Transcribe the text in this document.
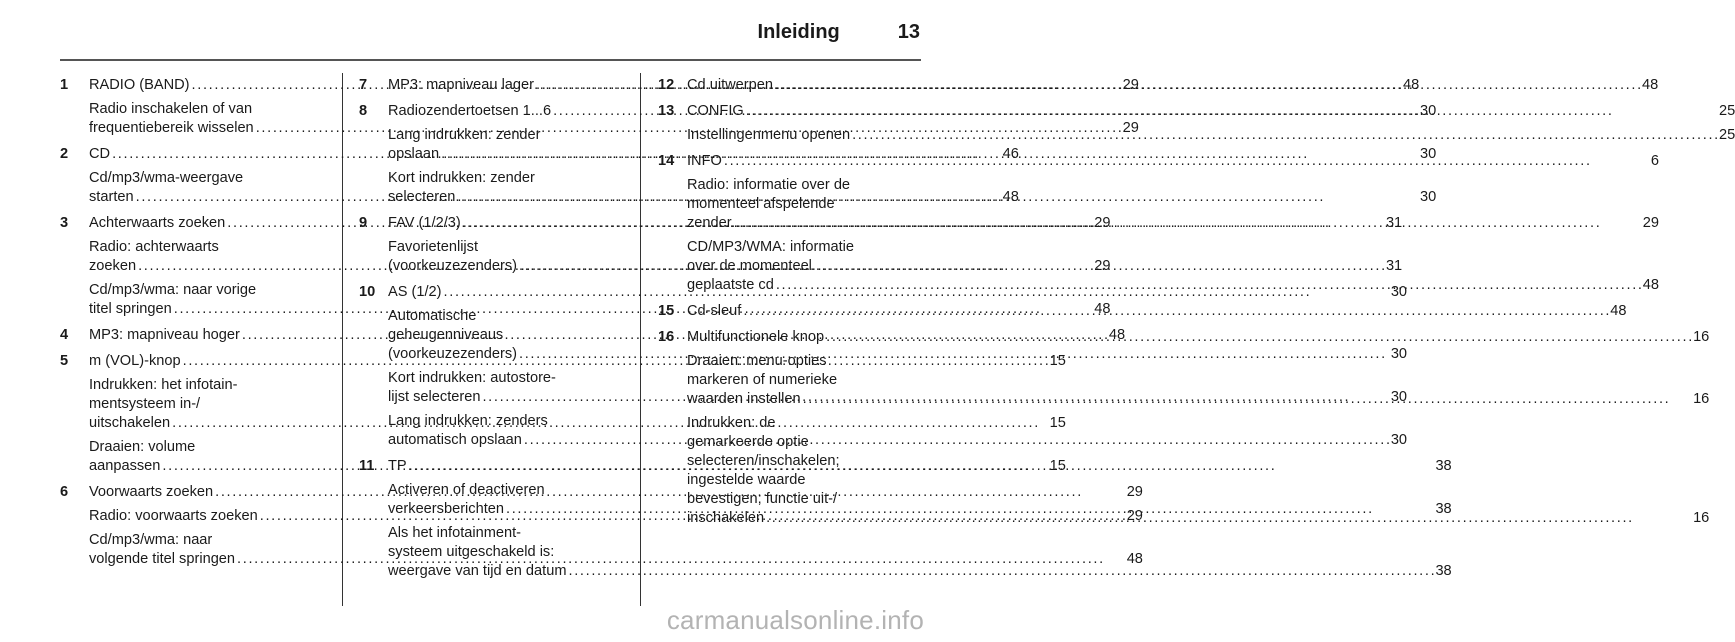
Inleiding	13
1	RADIO (BAND) . . .	29
Radio inschakelen of van
frequentiebereik wisselen . . .	29
2	CD . . .	46
Cd/mp3/wma-weergave
starten . . .	48
3	Achterwaarts zoeken . . .	29
Radio: achterwaarts
zoeken . . .	29
Cd/mp3/wma: naar vorige
titel springen . . .	48
4	MP3: mapniveau hoger . . .	48
5	m (VOL)-knop . . .	15
Indrukken: het infotain-
mentsysteem in-/
uitschakelen . . .	15
Draaien: volume
aanpassen . . .	15
6	Voorwaarts zoeken . . .	29
Radio: voorwaarts zoeken . . .	29
Cd/mp3/wma: naar
volgende titel springen . . .	48
7	MP3: mapniveau lager . . .	48
8	Radiozendertoetsen 1...6 . . .	30
Lang indrukken: zender
opslaan . . .	30
Kort indrukken: zender
selecteren . . .	30
9	FAV (1/2/3) . . .	31
Favorietenlijst
(voorkeuzezenders) . . .	31
10 AS (1/2) . . .	30
Automatische
geheugenniveaus
(voorkeuzezenders) . . .	30
Kort indrukken: autostore-
lijst selecteren . . .	30
Lang indrukken: zenders
automatisch opslaan . . .	30
11 TP . . .	38
Activeren of deactiveren
verkeersberichten . . .	38
Als het infotainment-
systeem uitgeschakeld is:
weergave van tijd en datum . . .	38
12 Cd uitwerpen . . .	48
13 CONFIG . . .	25
Instellingenmenu openen . . .	25
14 INFO . . .	6
Radio: informatie over de
momenteel afspelende
zender . . .	29
CD/MP3/WMA: informatie
over de momenteel
geplaatste cd . . .	48
15 Cd-sleuf . . .	48
16 Multifunctionele knop . . .	16
Draaien: menu-opties
markeren of numerieke
waarden instellen . . .	16
Indrukken: de
gemarkeerde optie
selecteren/inschakelen;
ingestelde waarde
bevestigen; functie uit-/
inschakelen . . .	16
carmanualsonline.info
